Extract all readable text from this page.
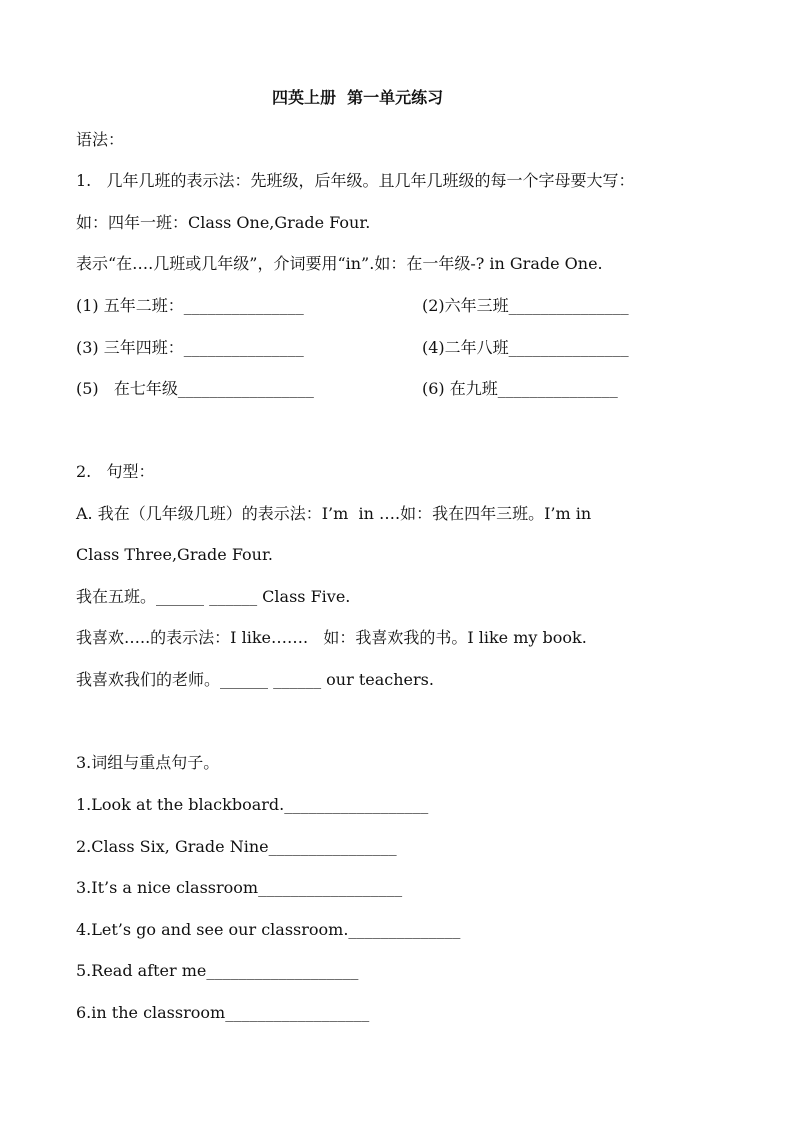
四英上册  第一单元练习
语法：
1.   几年几班的表示法：先班级，后年级。且几年几班级的每一个字母要大写：
如：四年一班：Class One,Grade Four.
表示“在….几班或几年级”，介词要用“in”.如：在一年级-? in Grade One.
(1) 五年二班：_______________	(2)六年三班_______________
(3) 三年四班：_______________	(4)二年八班_______________
(5)   在七年级_________________	(6) 在九班_______________
2.   句型：
A. 我在（几年级几班）的表示法：I’m  in ….如：我在四年三班。I’m in
Class Three,Grade Four.
我在五班。______ ______ Class Five.
我喜欢…..的表示法：I like…….   如：我喜欢我的书。I like my book.
我喜欢我们的老师。______ ______ our teachers.
3.词组与重点句子。
1.Look at the blackboard.__________________
2.Class Six, Grade Nine________________
3.It’s a nice classroom__________________
4.Let’s go and see our classroom.______________
5.Read after me___________________
6.in the classroom__________________
